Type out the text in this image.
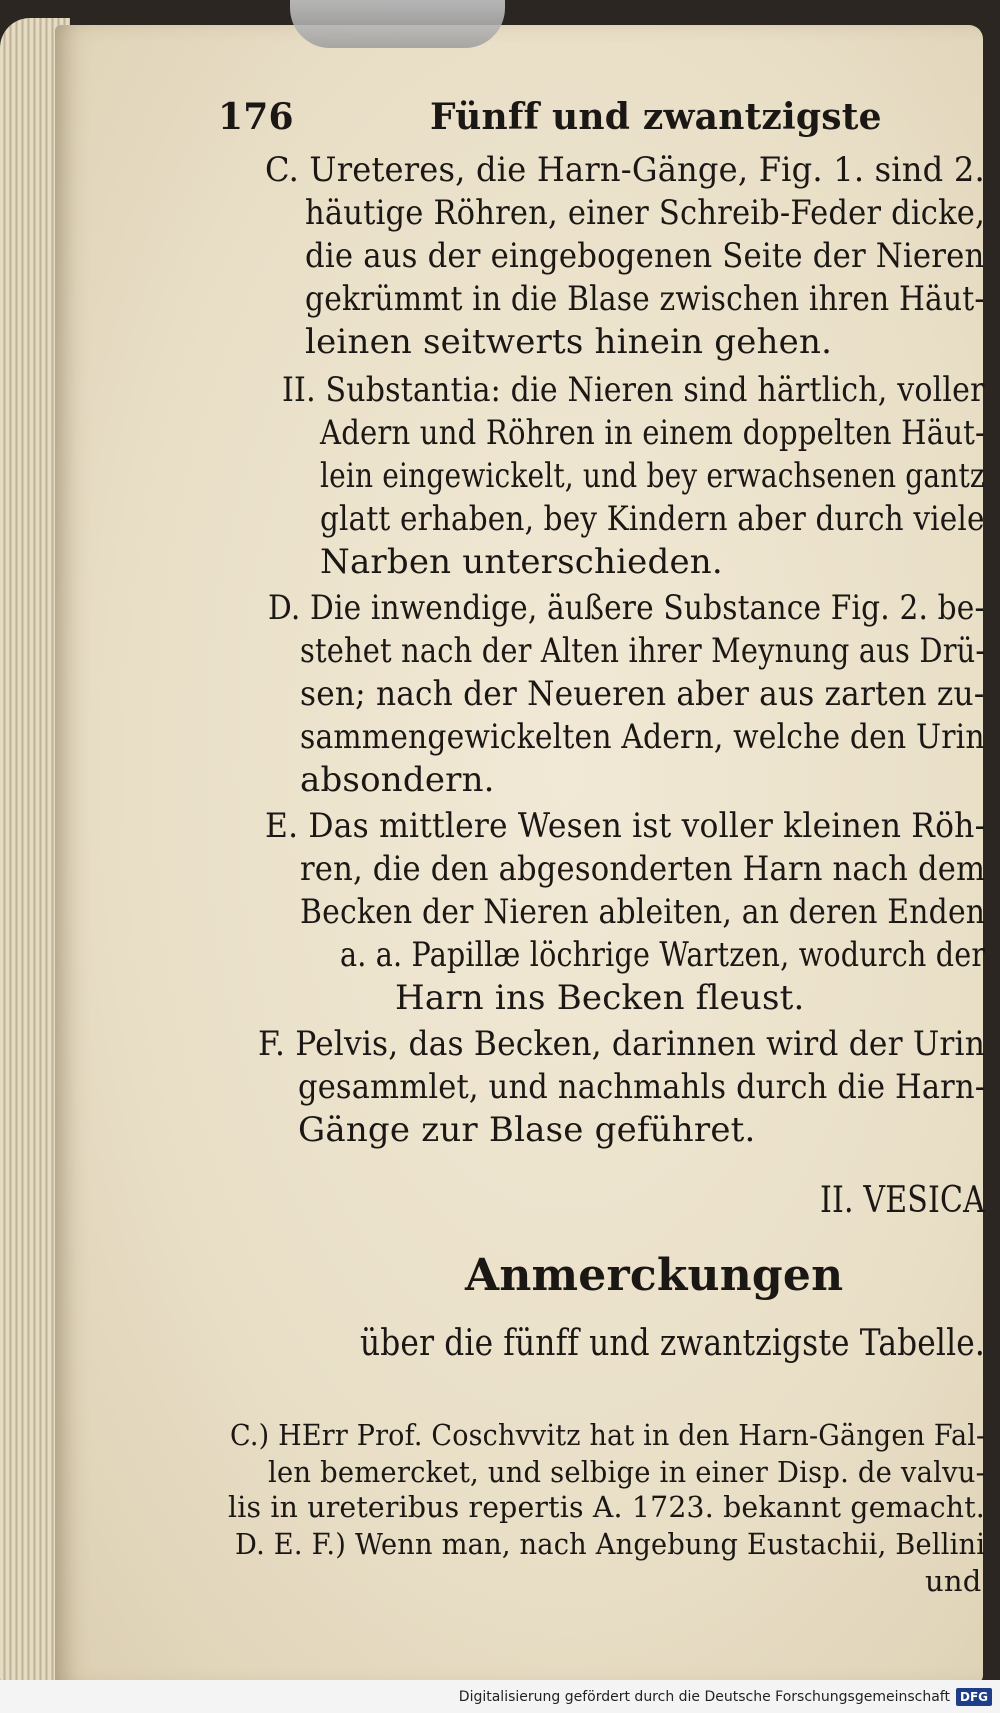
176	Fünff und zwantzigste
C. Ureteres, die Harn-Gänge, Fig. 1. sind 2.
häutige Röhren, einer Schreib-Feder dicke,
die aus der eingebogenen Seite der Nieren
gekrümmt in die Blase zwischen ihren Häut-
leinen seitwerts hinein gehen.
II. Substantia: die Nieren sind härtlich, voller
Adern und Röhren in einem doppelten Häut-
lein eingewickelt, und bey erwachsenen gantz
glatt erhaben, bey Kindern aber durch viele
Narben unterschieden.
D. Die inwendige, äußere Substance Fig. 2. be-
stehet nach der Alten ihrer Meynung aus Drü-
sen; nach der Neueren aber aus zarten zu-
sammengewickelten Adern, welche den Urin
absondern.
E. Das mittlere Wesen ist voller kleinen Röh-
ren, die den abgesonderten Harn nach dem
Becken der Nieren ableiten, an deren Enden
a. a. Papillæ löchrige Wartzen, wodurch der
Harn ins Becken fleust.
F. Pelvis, das Becken, darinnen wird der Urin
gesammlet, und nachmahls durch die Harn-
Gänge zur Blase geführet.
II. VESICA
Anmerckungen
über die fünff und zwantzigste Tabelle.
C.) HErr Prof. Coschvvitz hat in den Harn-Gängen Fal-
len bemercket, und selbige in einer Disp. de valvu-
lis in ureteribus repertis A. 1723. bekannt gemacht.
D. E. F.) Wenn man, nach Angebung Eustachii, Bellini
und
Digitalisierung gefördert durch die Deutsche Forschungsgemeinschaft DFG
